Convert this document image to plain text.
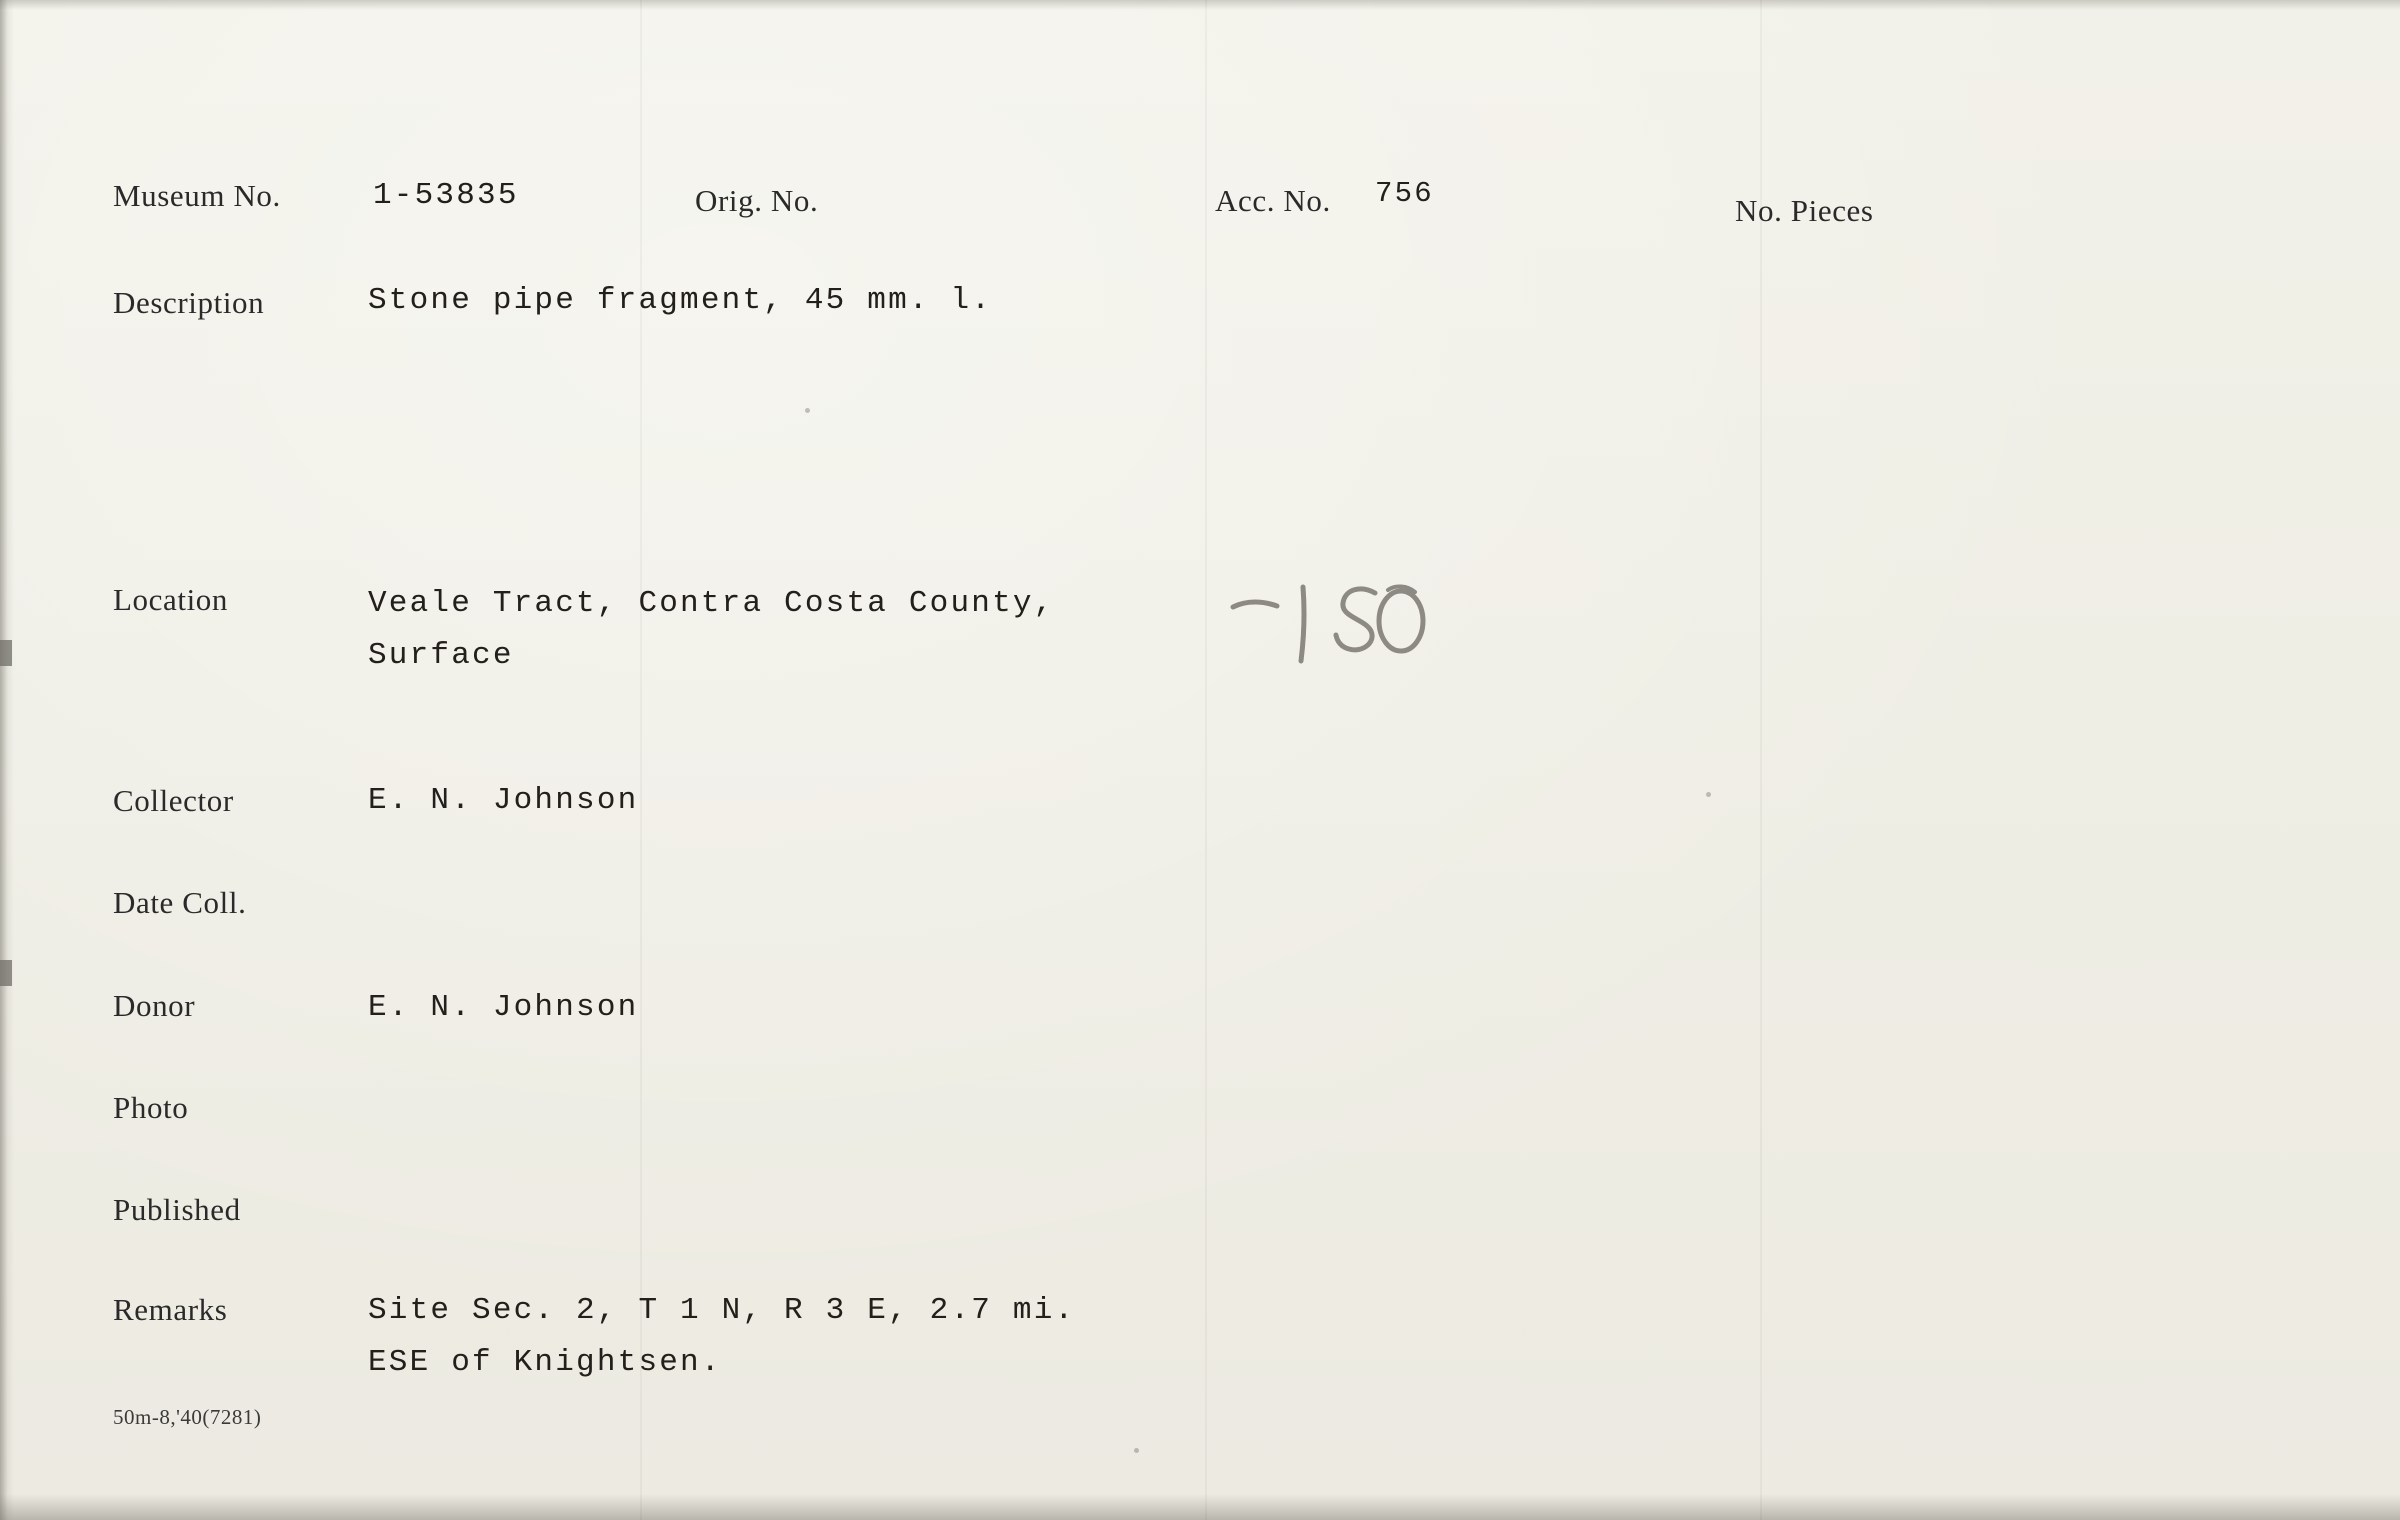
Museum No.	1-53835	Orig. No.	Acc. No. 756	No. Pieces
Description	Stone pipe fragment, 45 mm. l.
Location	Veale Tract, Contra Costa County,
Surface
Collector	E. N. Johnson
Date Coll.
Donor	E. N. Johnson
Photo
Published
Remarks	Site Sec. 2, T 1 N, R 3 E, 2.7 mi.
ESE of Knightsen.
50m-8,'40(7281)
